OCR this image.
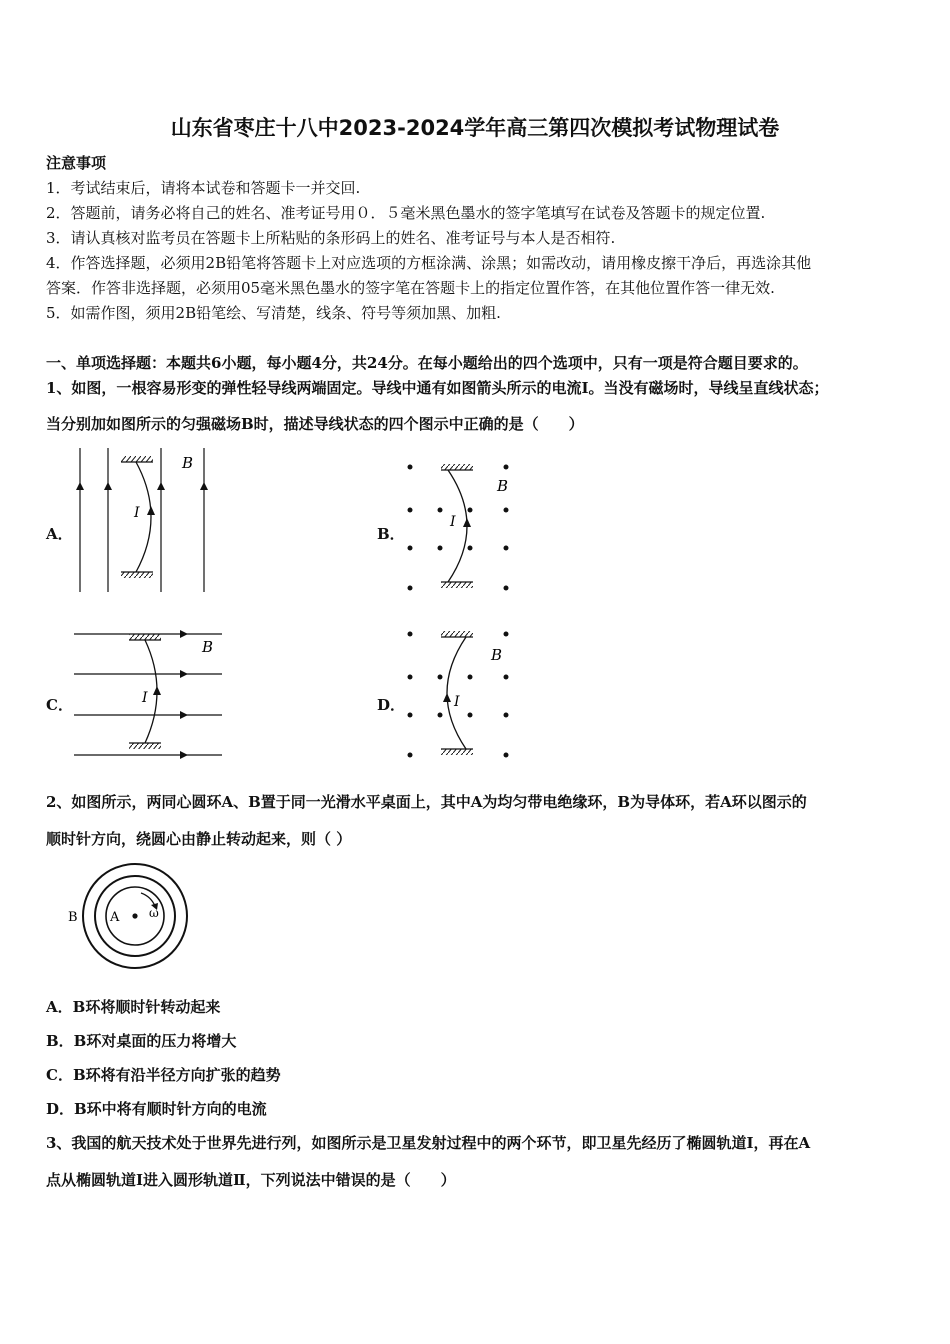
山东省枣庄十八中2023-2024学年高三第四次模拟考试物理试卷
注意事项
1．考试结束后，请将本试卷和答题卡一并交回.
2．答题前，请务必将自己的姓名、准考证号用０．５毫米黑色墨水的签字笔填写在试卷及答题卡的规定位置.
3．请认真核对监考员在答题卡上所粘贴的条形码上的姓名、准考证号与本人是否相符.
4．作答选择题，必须用2B铅笔将答题卡上对应选项的方框涂满、涂黑；如需改动，请用橡皮擦干净后，再选涂其他
答案．作答非选择题，必须用05毫米黑色墨水的签字笔在答题卡上的指定位置作答，在其他位置作答一律无效.
5．如需作图，须用2B铅笔绘、写清楚，线条、符号等须加黑、加粗.
一、单项选择题：本题共6小题，每小题4分，共24分。在每小题给出的四个选项中，只有一项是符合题目要求的。
1、如图，一根容易形变的弹性轻导线两端固定。导线中通有如图箭头所示的电流I。当没有磁场时，导线呈直线状态；
当分别加如图所示的匀强磁场B时，描述导线状态的四个图示中正确的是（　　）
A．	B．
C．	D．
I
B
I
B
I
B
I
B
2、如图所示，两同心圆环A、B置于同一光滑水平桌面上，其中A为均匀带电绝缘环，B为导体环，若A环以图示的
顺时针方向，绕圆心由静止转动起来，则（ ）
B A ω
A．B环将顺时针转动起来
B．B环对桌面的压力将增大
C．B环将有沿半径方向扩张的趋势
D．B环中将有顺时针方向的电流
3、我国的航天技术处于世界先进行列，如图所示是卫星发射过程中的两个环节，即卫星先经历了椭圆轨道Ⅰ，再在A
点从椭圆轨道Ⅰ进入圆形轨道Ⅱ，下列说法中错误的是（　　）
